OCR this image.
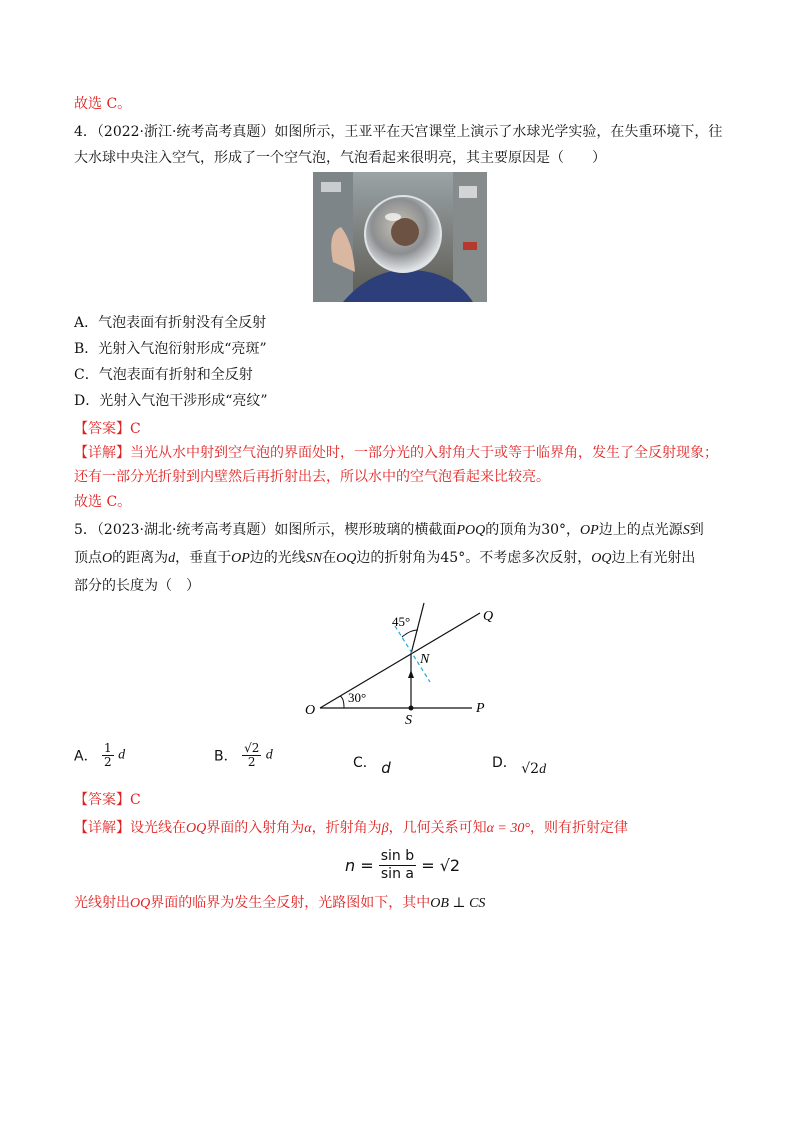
故选 C。
4．（2022·浙江·统考高考真题）如图所示，王亚平在天宫课堂上演示了水球光学实验，在失重环境下，往
大水球中央注入空气，形成了一个空气泡，气泡看起来很明亮，其主要原因是（　　）
A．气泡表面有折射没有全反射
B．光射入气泡衍射形成“亮斑”
C．气泡表面有折射和全反射
D．光射入气泡干涉形成“亮纹”
【答案】C
【详解】当光从水中射到空气泡的界面处时，一部分光的入射角大于或等于临界角，发生了全反射现象；
还有一部分光折射到内壁然后再折射出去，所以水中的空气泡看起来比较亮。
故选 C。
5．（2023·湖北·统考高考真题）如图所示，楔形玻璃的横截面POQ的顶角为30°，OP边上的点光源S到
顶点O的距离为d，垂直于OP边的光线SN在OQ边的折射角为45°。不考虑多次反射，OQ边上有光射出
部分的长度为（　）
45°
30°
Q
N
O
S
P
A． $\frac{1}{2}$ d	B． $\frac{√2}{2}$ d	C． d	D． √2d
【答案】C
【详解】设光线在OQ界面的入射角为α，折射角为β，几何关系可知α = 30°，则有折射定律
$n = \frac{\text{sin b}}{\text{sin a}} = √2$
光线射出OQ界面的临界为发生全反射，光路图如下，其中OB ⊥ CS
